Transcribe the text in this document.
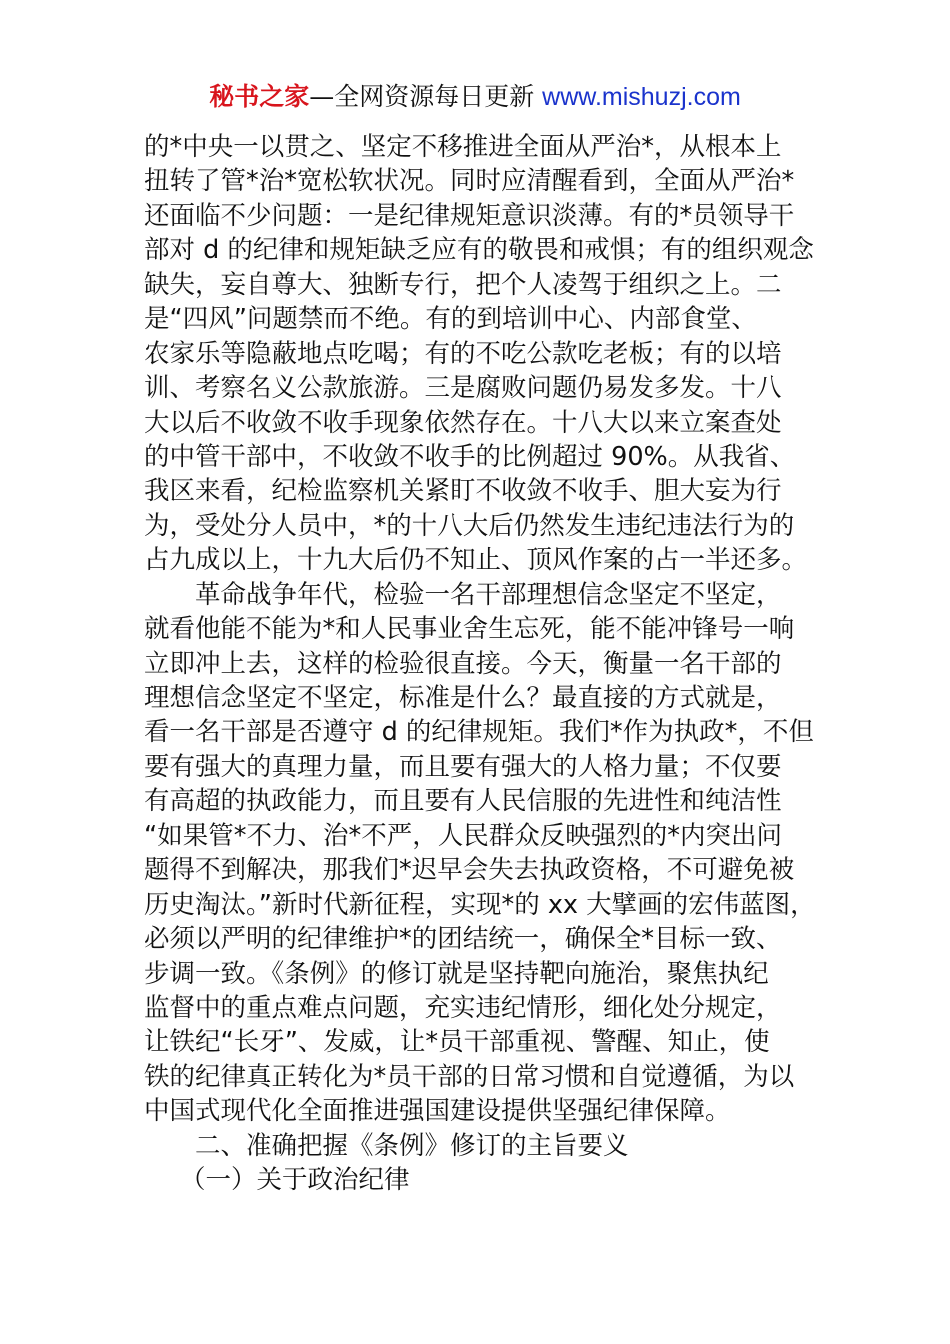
秘书之家—全网资源每日更新 www.mishuzj.com
的*中央一以贯之、坚定不移推进全面从严治*，从根本上
扭转了管*治*宽松软状况。同时应清醒看到，全面从严治*
还面临不少问题：一是纪律规矩意识淡薄。有的*员领导干
部对 d 的纪律和规矩缺乏应有的敬畏和戒惧；有的组织观念
缺失，妄自尊大、独断专行，把个人凌驾于组织之上。二
是“四风”问题禁而不绝。有的到培训中心、内部食堂、
农家乐等隐蔽地点吃喝；有的不吃公款吃老板；有的以培
训、考察名义公款旅游。三是腐败问题仍易发多发。十八
大以后不收敛不收手现象依然存在。十八大以来立案查处
的中管干部中，不收敛不收手的比例超过 90%。从我省、
我区来看，纪检监察机关紧盯不收敛不收手、胆大妄为行
为，受处分人员中，*的十八大后仍然发生违纪违法行为的
占九成以上，十九大后仍不知止、顶风作案的占一半还多。
革命战争年代，检验一名干部理想信念坚定不坚定，
就看他能不能为*和人民事业舍生忘死，能不能冲锋号一响
立即冲上去，这样的检验很直接。今天，衡量一名干部的
理想信念坚定不坚定，标准是什么？最直接的方式就是，
看一名干部是否遵守 d 的纪律规矩。我们*作为执政*，不但
要有强大的真理力量，而且要有强大的人格力量；不仅要
有高超的执政能力，而且要有人民信服的先进性和纯洁性
“如果管*不力、治*不严，人民群众反映强烈的*内突出问
题得不到解决，那我们*迟早会失去执政资格，不可避免被
历史淘汰。”新时代新征程，实现*的 xx 大擘画的宏伟蓝图，
必须以严明的纪律维护*的团结统一，确保全*目标一致、
步调一致。《条例》的修订就是坚持靶向施治，聚焦执纪
监督中的重点难点问题，充实违纪情形，细化处分规定，
让铁纪“长牙”、发威，让*员干部重视、警醒、知止，使
铁的纪律真正转化为*员干部的日常习惯和自觉遵循，为以
中国式现代化全面推进强国建设提供坚强纪律保障。
二、准确把握《条例》修订的主旨要义
（一）关于政治纪律
